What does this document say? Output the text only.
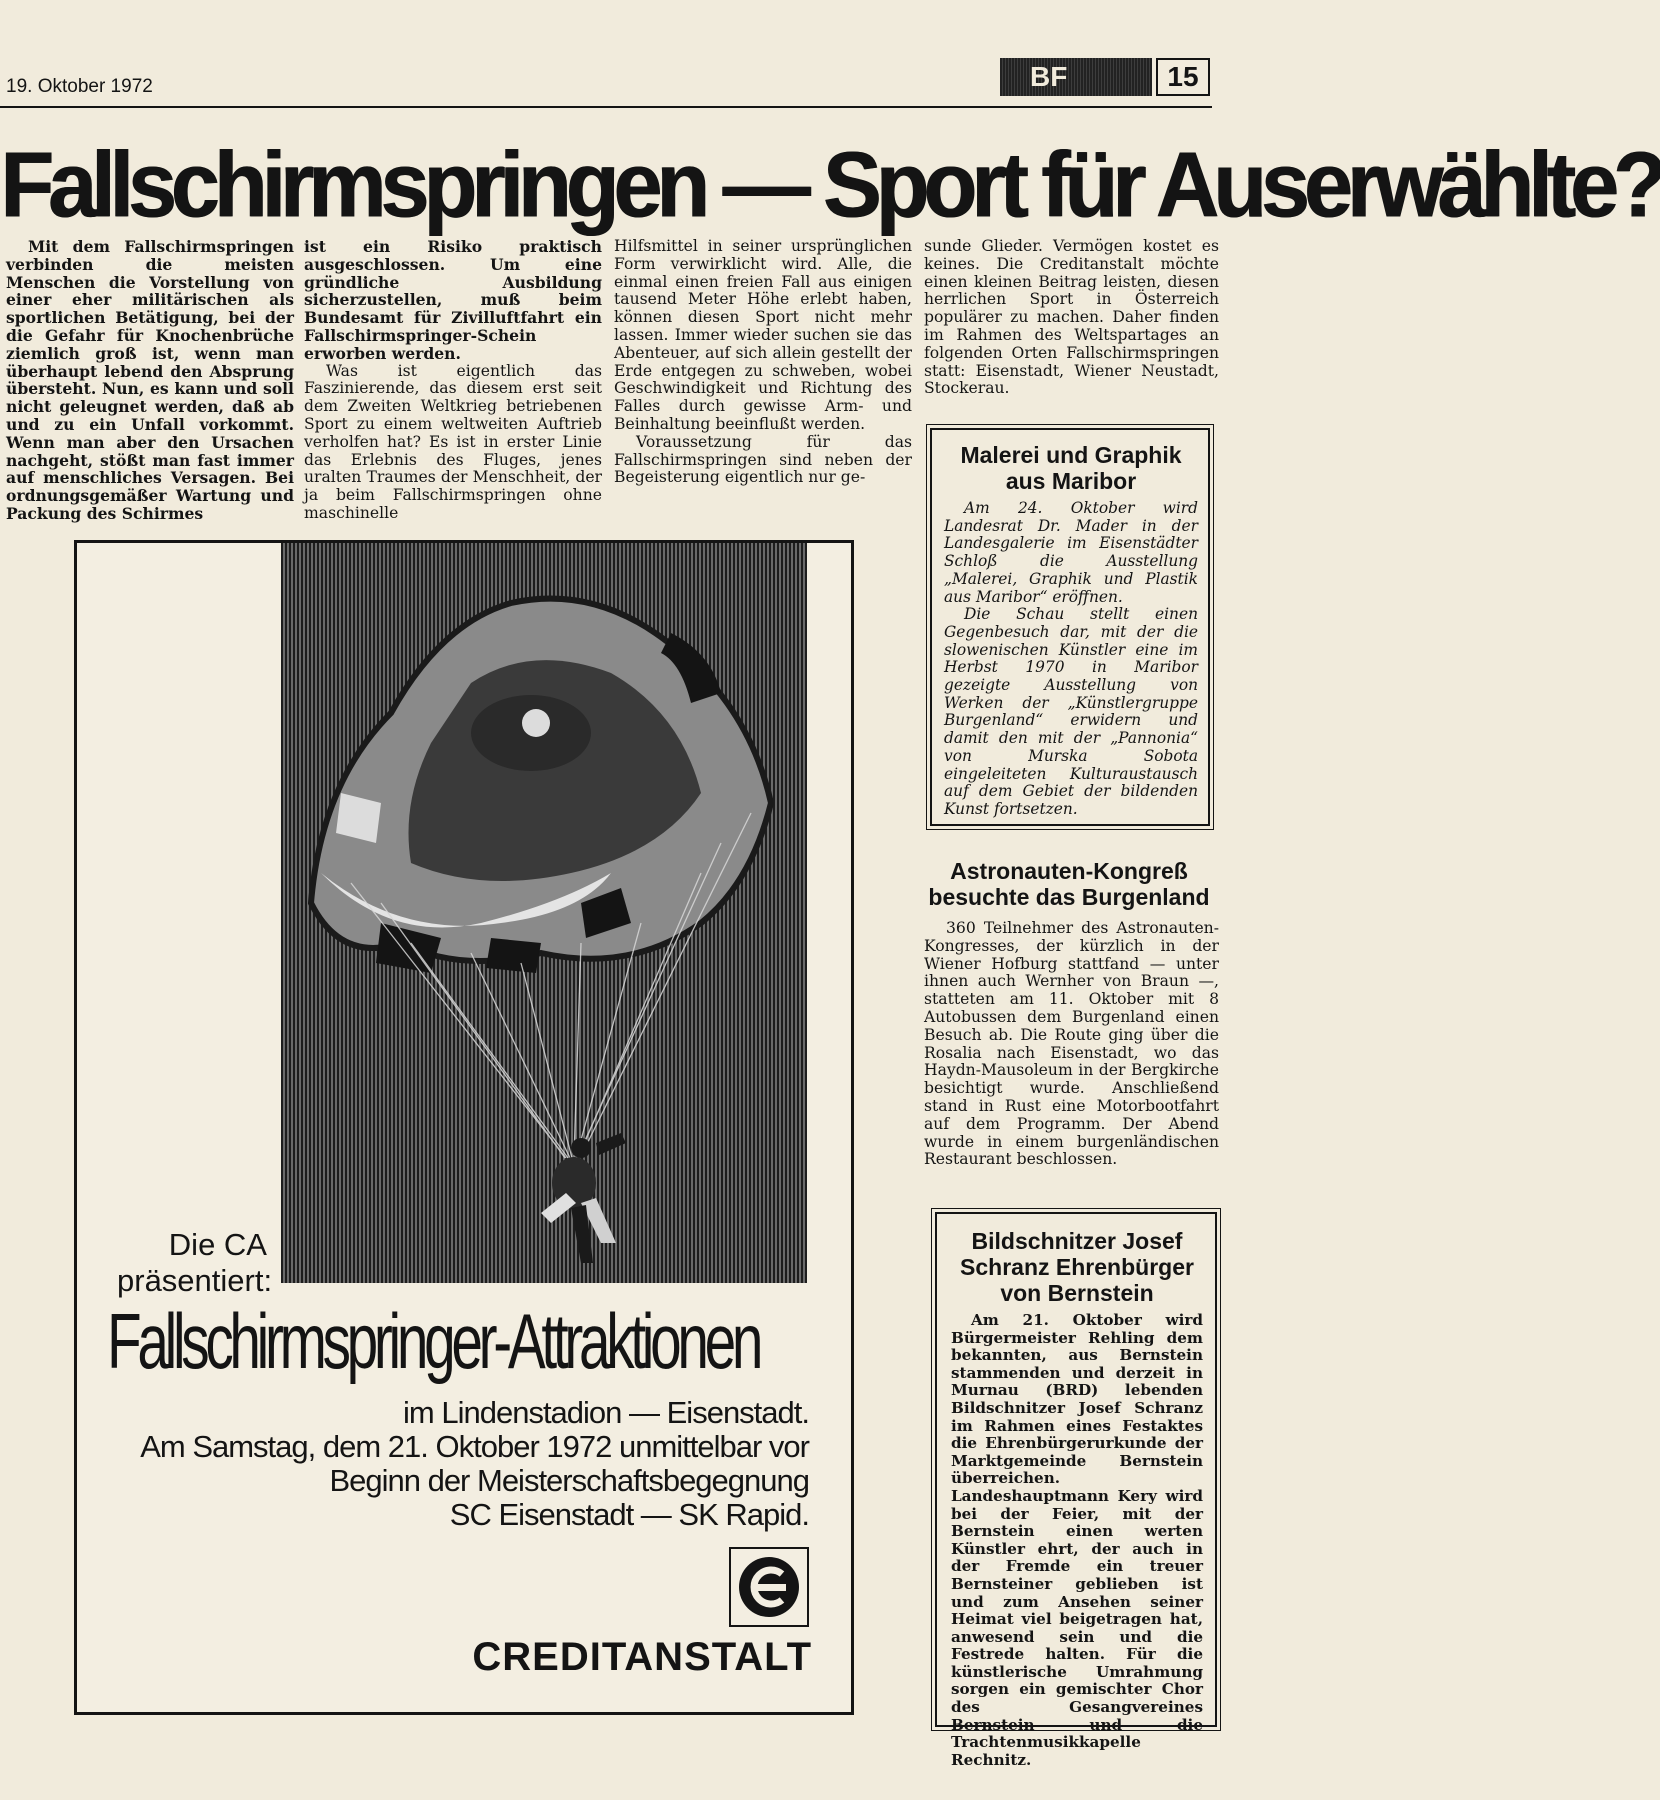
19. Oktober 1972	BF	15
Fallschirmspringen — Sport für Auserwählte?

Mit dem Fallschirmspringen verbinden die meisten Menschen die Vorstellung von einer eher militärischen als sportlichen Betätigung, bei der die Gefahr für Knochenbrüche ziemlich groß ist, wenn man überhaupt lebend den Absprung übersteht. Nun, es kann und soll nicht geleugnet werden, daß ab und zu ein Unfall vorkommt. Wenn man aber den Ursachen nachgeht, stößt man fast immer auf menschliches Versagen. Bei ordnungsgemäßer Wartung und Packung des Schirmes

ist ein Risiko praktisch ausgeschlossen. Um eine gründliche Ausbildung sicherzustellen, muß beim Bundesamt für Zivilluftfahrt ein Fallschirmspringer-Schein erworben werden.

Was ist eigentlich das Faszinierende, das diesem erst seit dem Zweiten Weltkrieg betriebenen Sport zu einem weltweiten Auftrieb verholfen hat? Es ist in erster Linie das Erlebnis des Fluges, jenes uralten Traumes der Menschheit, der ja beim Fallschirmspringen ohne maschinelle

Hilfsmittel in seiner ursprünglichen Form verwirklicht wird. Alle, die einmal einen freien Fall aus einigen tausend Meter Höhe erlebt haben, können diesen Sport nicht mehr lassen. Immer wieder suchen sie das Abenteuer, auf sich allein gestellt der Erde entgegen zu schweben, wobei Geschwindigkeit und Richtung des Falles durch gewisse Arm- und Beinhaltung beeinflußt werden.

Voraussetzung für das Fallschirmspringen sind neben der Begeisterung eigentlich nur ge-

sunde Glieder. Vermögen kostet es keines. Die Creditanstalt möchte einen kleinen Beitrag leisten, diesen herrlichen Sport in Österreich populärer zu machen. Daher finden im Rahmen des Weltspartages an folgenden Orten Fallschirmspringen statt: Eisenstadt, Wiener Neustadt, Stockerau.

Malerei und Graphik aus Maribor

Am 24. Oktober wird Landesrat Dr. Mader in der Landesgalerie im Eisenstädter Schloß die Ausstellung „Malerei, Graphik und Plastik aus Maribor“ eröffnen.

Die Schau stellt einen Gegenbesuch dar, mit der die slowenischen Künstler eine im Herbst 1970 in Maribor gezeigte Ausstellung von Werken der „Künstlergruppe Burgenland“ erwidern und damit den mit der „Pannonia“ von Murska Sobota eingeleiteten Kulturaustausch auf dem Gebiet der bildenden Kunst fortsetzen.

Astronauten-Kongreß besuchte das Burgenland

360 Teilnehmer des Astronauten-Kongresses, der kürzlich in der Wiener Hofburg stattfand — unter ihnen auch Wernher von Braun —, statteten am 11. Oktober mit 8 Autobussen dem Burgenland einen Besuch ab. Die Route ging über die Rosalia nach Eisenstadt, wo das Haydn-Mausoleum in der Bergkirche besichtigt wurde. Anschließend stand in Rust eine Motorbootfahrt auf dem Programm. Der Abend wurde in einem burgenländischen Restaurant beschlossen.

Bildschnitzer Josef Schranz Ehrenbürger von Bernstein

Am 21. Oktober wird Bürgermeister Rehling dem bekannten, aus Bernstein stammenden und derzeit in Murnau (BRD) lebenden Bildschnitzer Josef Schranz im Rahmen eines Festaktes die Ehrenbürgerurkunde der Marktgemeinde Bernstein überreichen. Landeshauptmann Kery wird bei der Feier, mit der Bernstein einen werten Künstler ehrt, der auch in der Fremde ein treuer Bernsteiner geblieben ist und zum Ansehen seiner Heimat viel beigetragen hat, anwesend sein und die Festrede halten. Für die künstlerische Umrahmung sorgen ein gemischter Chor des Gesangvereines Bernstein und die Trachtenmusikkapelle Rechnitz.

Die CA
präsentiert:
Fallschirmspringer-Attraktionen
im Lindenstadion — Eisenstadt.
Am Samstag, dem 21. Oktober 1972 unmittelbar vor
Beginn der Meisterschaftsbegegnung
SC Eisenstadt — SK Rapid.
CREDITANSTALT
